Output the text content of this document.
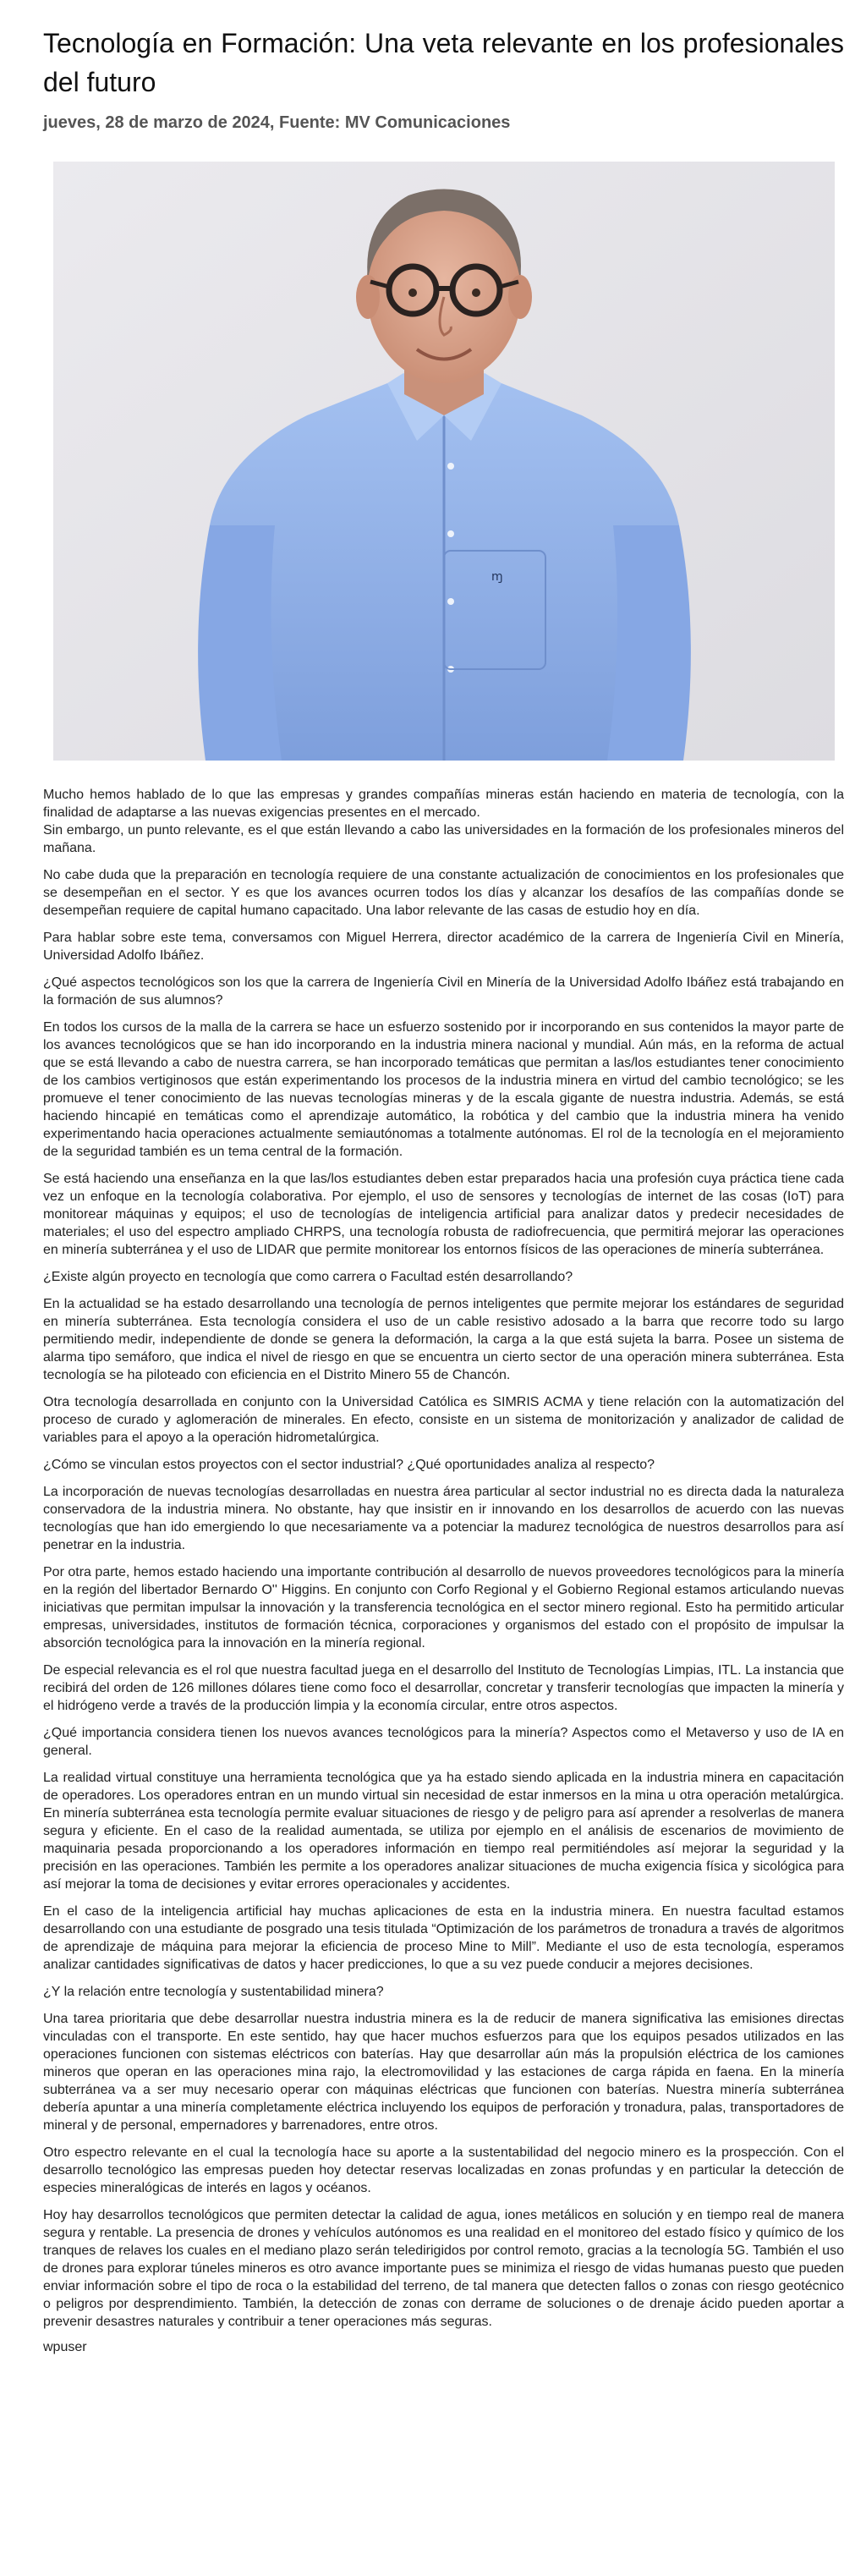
Tecnología en Formación: Una veta relevante en los profesionales del futuro
jueves, 28 de marzo de 2024, Fuente: MV Comunicaciones
ɱ

Mucho hemos hablado de lo que las empresas y grandes compañías mineras están haciendo en materia de tecnología, con la finalidad de adaptarse a las nuevas exigencias presentes en el mercado.
Sin embargo, un punto relevante, es el que están llevando a cabo las universidades en la formación de los profesionales mineros del mañana.

No cabe duda que la preparación en tecnología requiere de una constante actualización de conocimientos en los profesionales que se desempeñan en el sector. Y es que los avances ocurren todos los días y alcanzar los desafíos de las compañías donde se desempeñan requiere de capital humano capacitado. Una labor relevante de las casas de estudio hoy en día.

Para hablar sobre este tema, conversamos con Miguel Herrera, director académico de la carrera de Ingeniería Civil en Minería, Universidad Adolfo Ibáñez.

¿Qué aspectos tecnológicos son los que la carrera de Ingeniería Civil en Minería de la Universidad Adolfo Ibáñez está trabajando en la formación de sus alumnos?

En todos los cursos de la malla de la carrera se hace un esfuerzo sostenido por ir incorporando en sus contenidos la mayor parte de los avances tecnológicos que se han ido incorporando en la industria minera nacional y mundial. Aún más, en la reforma de actual que se está llevando a cabo de nuestra carrera, se han incorporado temáticas que permitan a las/los estudiantes tener conocimiento de los cambios vertiginosos que están experimentando los procesos de la industria minera en virtud del cambio tecnológico; se les promueve el tener conocimiento de las nuevas tecnologías mineras y de la escala gigante de nuestra industria. Además, se está haciendo hincapié en temáticas como el aprendizaje automático, la robótica y del cambio que la industria minera ha venido experimentando hacia operaciones actualmente semiautónomas a totalmente autónomas. El rol de la tecnología en el mejoramiento de la seguridad también es un tema central de la formación.

Se está haciendo una enseñanza en la que las/los estudiantes deben estar preparados hacia una profesión cuya práctica tiene cada vez un enfoque en la tecnología colaborativa. Por ejemplo, el uso de sensores y tecnologías de internet de las cosas (IoT) para monitorear máquinas y equipos; el uso de tecnologías de inteligencia artificial para analizar datos y predecir necesidades de materiales; el uso del espectro ampliado CHRPS, una tecnología robusta de radiofrecuencia, que permitirá mejorar las operaciones en minería subterránea y el uso de LIDAR que permite monitorear los entornos físicos de las operaciones de minería subterránea.

¿Existe algún proyecto en tecnología que como carrera o Facultad estén desarrollando?

En la actualidad se ha estado desarrollando una tecnología de pernos inteligentes que permite mejorar los estándares de seguridad en minería subterránea. Esta tecnología considera el uso de un cable resistivo adosado a la barra que recorre todo su largo permitiendo medir, independiente de donde se genera la deformación, la carga a la que está sujeta la barra. Posee un sistema de alarma tipo semáforo, que indica el nivel de riesgo en que se encuentra un cierto sector de una operación minera subterránea. Esta tecnología se ha piloteado con eficiencia en el Distrito Minero 55 de Chancón.

Otra tecnología desarrollada en conjunto con la Universidad Católica es SIMRIS ACMA y tiene relación con la automatización del proceso de curado y aglomeración de minerales. En efecto, consiste en un sistema de monitorización y analizador de calidad de variables para el apoyo a la operación hidrometalúrgica.

¿Cómo se vinculan estos proyectos con el sector industrial? ¿Qué oportunidades analiza al respecto?

La incorporación de nuevas tecnologías desarrolladas en nuestra área particular al sector industrial no es directa dada la naturaleza conservadora de la industria minera. No obstante, hay que insistir en ir innovando en los desarrollos de acuerdo con las nuevas tecnologías que han ido emergiendo lo que necesariamente va a potenciar la madurez tecnológica de nuestros desarrollos para así penetrar en la industria.

Por otra parte, hemos estado haciendo una importante contribución al desarrollo de nuevos proveedores tecnológicos para la minería en la región del libertador Bernardo O'' Higgins. En conjunto con Corfo Regional y el Gobierno Regional estamos articulando nuevas iniciativas que permitan impulsar la innovación y la transferencia tecnológica en el sector minero regional. Esto ha permitido articular empresas, universidades, institutos de formación técnica, corporaciones y organismos del estado con el propósito de impulsar la absorción tecnológica para la innovación en la minería regional.

De especial relevancia es el rol que nuestra facultad juega en el desarrollo del Instituto de Tecnologías Limpias, ITL. La instancia que recibirá del orden de 126 millones dólares tiene como foco el desarrollar, concretar y transferir tecnologías que impacten la minería y el hidrógeno verde a través de la producción limpia y la economía circular, entre otros aspectos.

¿Qué importancia considera tienen los nuevos avances tecnológicos para la minería? Aspectos como el Metaverso y uso de IA en general.

La realidad virtual constituye una herramienta tecnológica que ya ha estado siendo aplicada en la industria minera en capacitación de operadores. Los operadores entran en un mundo virtual sin necesidad de estar inmersos en la mina u otra operación metalúrgica. En minería subterránea esta tecnología permite evaluar situaciones de riesgo y de peligro para así aprender a resolverlas de manera segura y eficiente. En el caso de la realidad aumentada, se utiliza por ejemplo en el análisis de escenarios de movimiento de maquinaria pesada proporcionando a los operadores información en tiempo real permitiéndoles así mejorar la seguridad y la precisión en las operaciones. También les permite a los operadores analizar situaciones de mucha exigencia física y sicológica para así mejorar la toma de decisiones y evitar errores operacionales y accidentes.

En el caso de la inteligencia artificial hay muchas aplicaciones de esta en la industria minera. En nuestra facultad estamos desarrollando con una estudiante de posgrado una tesis titulada “Optimización de los parámetros de tronadura a través de algoritmos de aprendizaje de máquina para mejorar la eficiencia de proceso Mine to Mill”. Mediante el uso de esta tecnología, esperamos analizar cantidades significativas de datos y hacer predicciones, lo que a su vez puede conducir a mejores decisiones.

¿Y la relación entre tecnología y sustentabilidad minera?

Una tarea prioritaria que debe desarrollar nuestra industria minera es la de reducir de manera significativa las emisiones directas vinculadas con el transporte. En este sentido, hay que hacer muchos esfuerzos para que los equipos pesados utilizados en las operaciones funcionen con sistemas eléctricos con baterías. Hay que desarrollar aún más la propulsión eléctrica de los camiones mineros que operan en las operaciones mina rajo, la electromovilidad y las estaciones de carga rápida en faena. En la minería subterránea va a ser muy necesario operar con máquinas eléctricas que funcionen con baterías. Nuestra minería subterránea debería apuntar a una minería completamente eléctrica incluyendo los equipos de perforación y tronadura, palas, transportadores de mineral y de personal, empernadores y barrenadores, entre otros.

Otro espectro relevante en el cual la tecnología hace su aporte a la sustentabilidad del negocio minero es la prospección. Con el desarrollo tecnológico las empresas pueden hoy detectar reservas localizadas en zonas profundas y en particular la detección de especies mineralógicas de interés en lagos y océanos.

Hoy hay desarrollos tecnológicos que permiten detectar la calidad de agua, iones metálicos en solución y en tiempo real de manera segura y rentable. La presencia de drones y vehículos autónomos es una realidad en el monitoreo del estado físico y químico de los tranques de relaves los cuales en el mediano plazo serán teledirigidos por control remoto, gracias a la tecnología 5G. También el uso de drones para explorar túneles mineros es otro avance importante pues se minimiza el riesgo de vidas humanas puesto que pueden enviar información sobre el tipo de roca o la estabilidad del terreno, de tal manera que detecten fallos o zonas con riesgo geotécnico o peligros por desprendimiento. También, la detección de zonas con derrame de soluciones o de drenaje ácido pueden aportar a prevenir desastres naturales y contribuir a tener operaciones más seguras.

wpuser
